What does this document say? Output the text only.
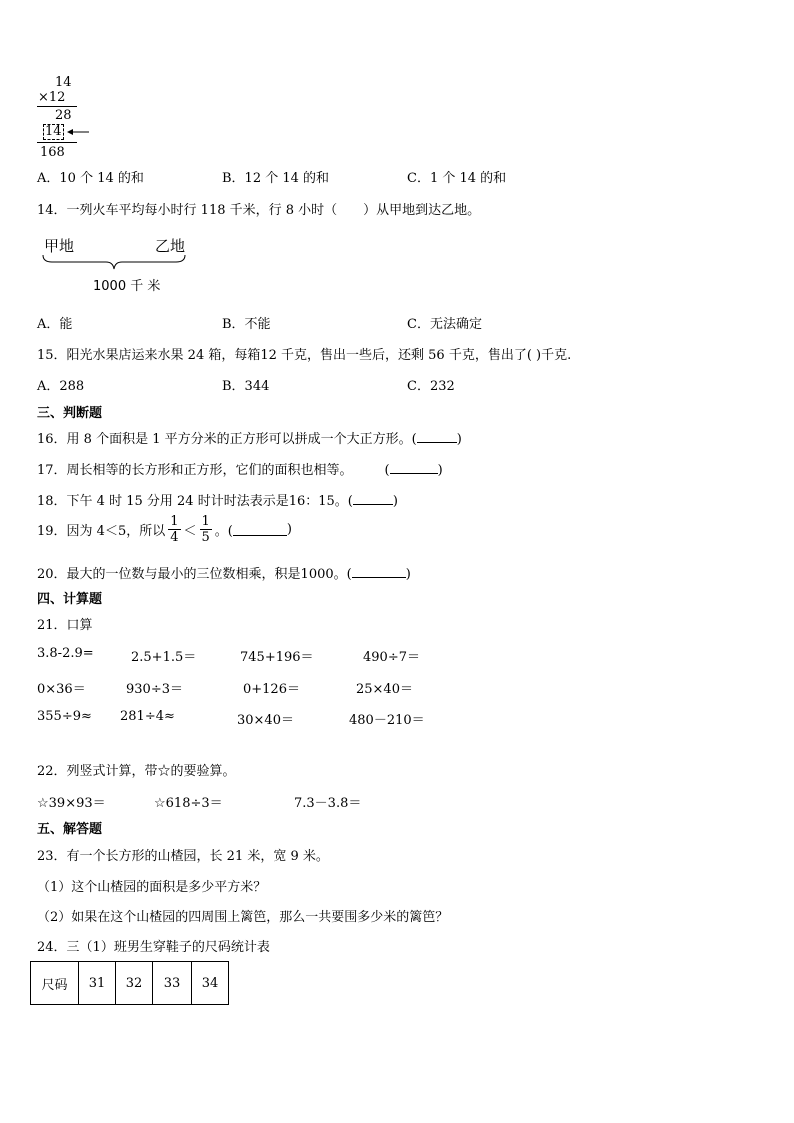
14
×12
28
14
168
A．10 个 14 的和	B．12 个 14 的和	C．1 个 14 的和
14．一列火车平均每小时行 118 千米，行 8 小时（　　）从甲地到达乙地。
甲地	乙地
1000 千 米
A．能	B．不能	C．无法确定
15．阳光水果店运来水果 24 箱，每箱12 千克，售出一些后，还剩 56 千克，售出了( )千克.
A．288	B．344	C．232
三、判断题
16．用 8 个面积是 1 平方分米的正方形可以拼成一个大正方形。(	)
17．周长相等的长方形和正方形，它们的面积也相等。 (	)
18．下午 4 时 15 分用 24 时计时法表示是16：15。(	)
19．因为 4＜5，所以 $\frac{1}{4} < \frac{1}{5}$ 。(	)
20．最大的一位数与最小的三位数相乘，积是1000。(	)
四、计算题
21．口算
3.8-2.9=	2.5+1.5＝	745+196＝	490÷7＝
0×36＝	930÷3＝	0+126＝	25×40＝
355÷9≈ 281÷4≈	30×40＝	480－210＝
22．列竖式计算，带☆的要验算。
☆39×93＝	☆618÷3＝	7.3－3.8＝
五、解答题
23．有一个长方形的山楂园，长 21 米，宽 9 米。
（1）这个山楂园的面积是多少平方米？
（2）如果在这个山楂园的四周围上篱笆，那么一共要围多少米的篱笆？
24．三（1）班男生穿鞋子的尺码统计表
尺码	31	32	33	34
